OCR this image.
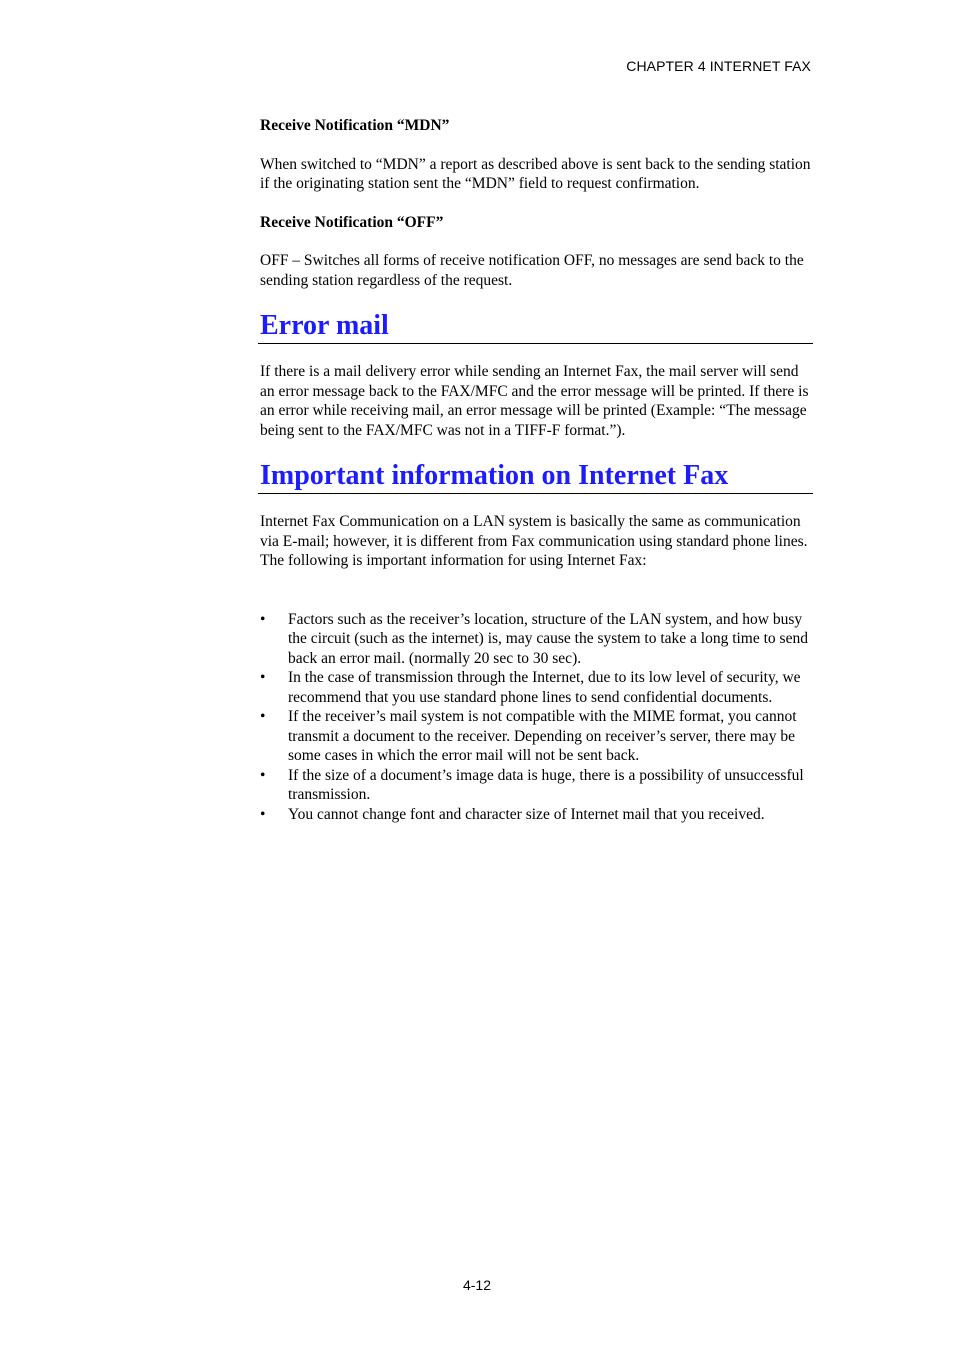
CHAPTER 4 INTERNET FAX
Receive Notification “MDN”

When switched to “MDN” a report as described above is sent back to the sending station if the originating station sent the “MDN” field to request confirmation.

Receive Notification “OFF”

OFF – Switches all forms of receive notification OFF, no messages are send back to the sending station regardless of the request.

Error mail

If there is a mail delivery error while sending an Internet Fax, the mail server will send an error message back to the FAX/MFC and the error message will be printed. If there is an error while receiving mail, an error message will be printed (Example: “The message being sent to the FAX/MFC was not in a TIFF-F format.”).

Important information on Internet Fax

Internet Fax Communication on a LAN system is basically the same as communication via E-mail; however, it is different from Fax communication using standard phone lines. The following is important information for using Internet Fax:

• Factors such as the receiver’s location, structure of the LAN system, and how busy the circuit (such as the internet) is, may cause the system to take a long time to send back an error mail. (normally 20 sec to 30 sec).
• In the case of transmission through the Internet, due to its low level of security, we recommend that you use standard phone lines to send confidential documents.
• If the receiver’s mail system is not compatible with the MIME format, you cannot transmit a document to the receiver. Depending on receiver’s server, there may be some cases in which the error mail will not be sent back.
• If the size of a document’s image data is huge, there is a possibility of unsuccessful transmission.
• You cannot change font and character size of Internet mail that you received.
4-12
